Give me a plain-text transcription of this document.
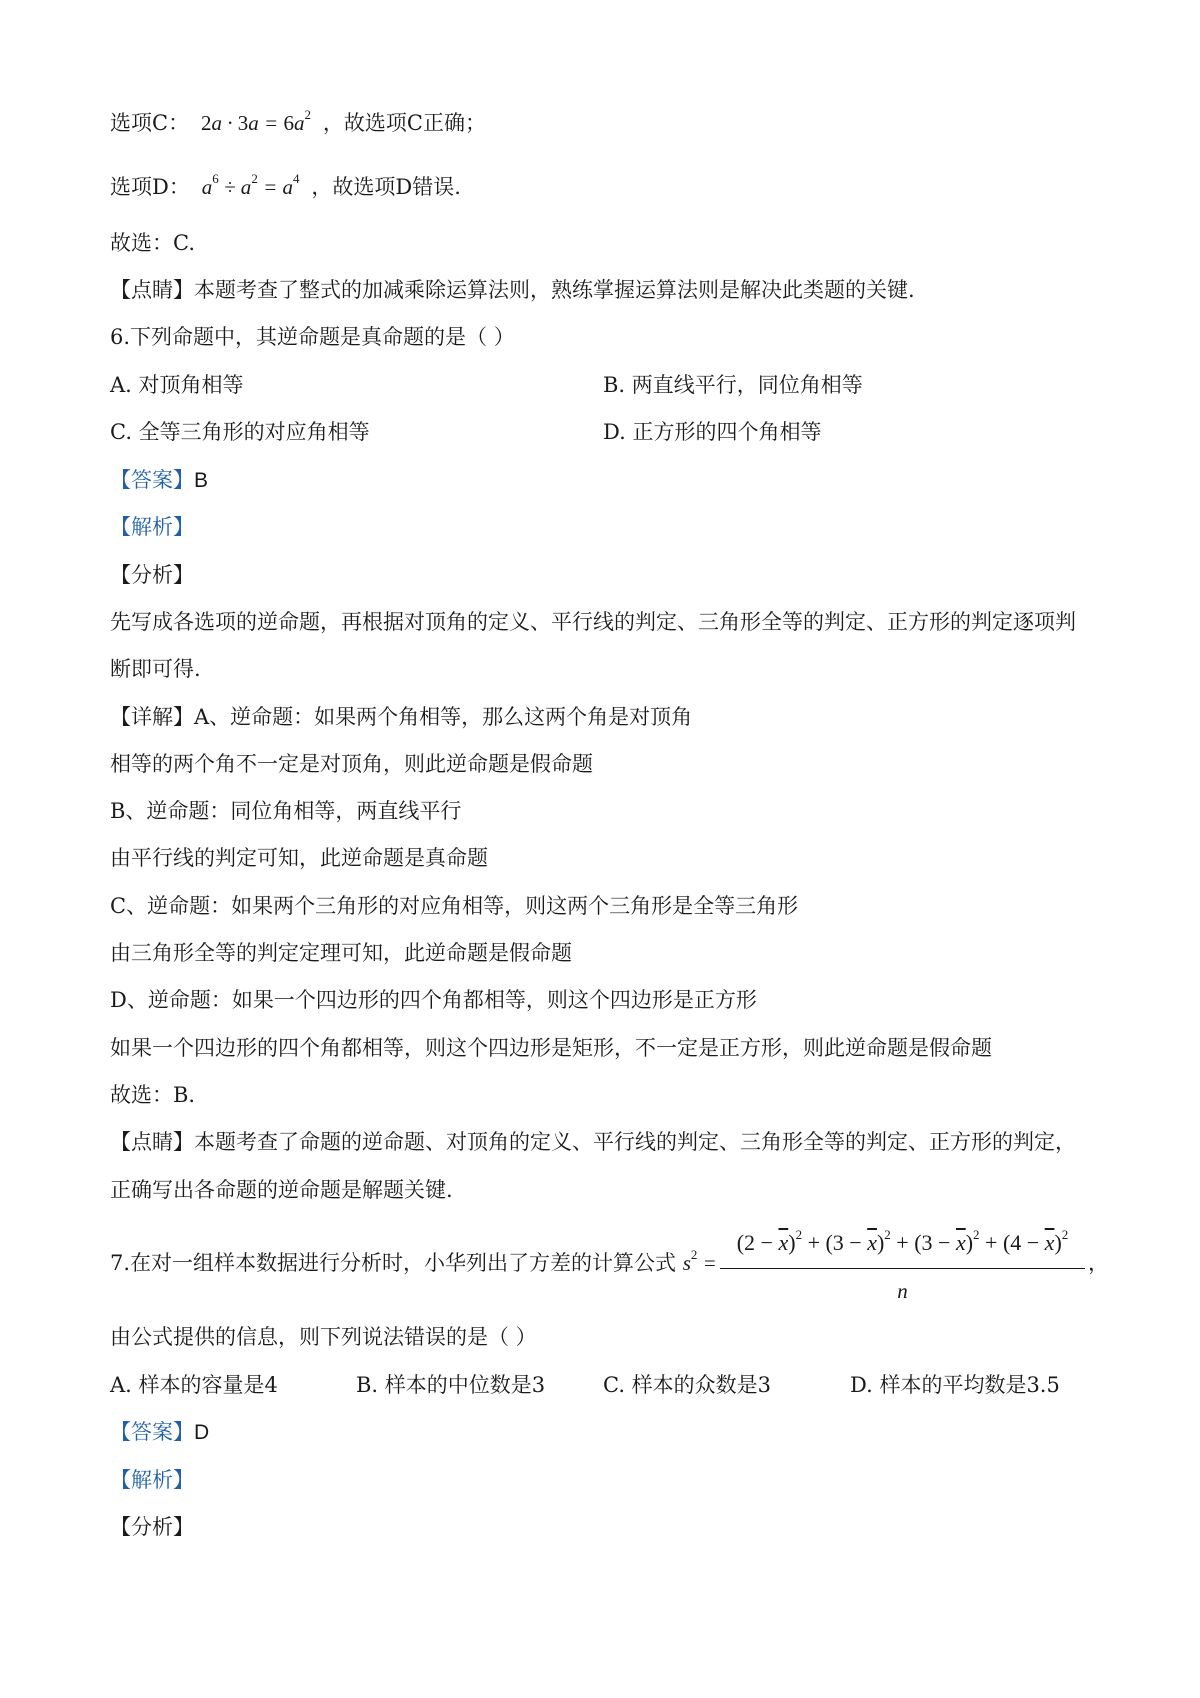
选项C： $2a \cdot 3a = 6a^2$ ，故选项C正确；
选项D：  $a^6 \div a^2 = a^4$ ，故选项D错误.
故选：C.
【点睛】本题考查了整式的加减乘除运算法则，熟练掌握运算法则是解决此类题的关键.
6.下列命题中，其逆命题是真命题的是（ ）
A. 对顶角相等	B. 两直线平行，同位角相等
C. 全等三角形的对应角相等	D. 正方形的四个角相等
【答案】B
【解析】
【分析】
先写成各选项的逆命题，再根据对顶角的定义、平行线的判定、三角形全等的判定、正方形的判定逐项判
断即可得.
【详解】A、逆命题：如果两个角相等，那么这两个角是对顶角
相等的两个角不一定是对顶角，则此逆命题是假命题
B、逆命题：同位角相等，两直线平行
由平行线的判定可知，此逆命题是真命题
C、逆命题：如果两个三角形的对应角相等，则这两个三角形是全等三角形
由三角形全等的判定定理可知，此逆命题是假命题
D、逆命题：如果一个四边形的四个角都相等，则这个四边形是正方形
如果一个四边形的四个角都相等，则这个四边形是矩形，不一定是正方形，则此逆命题是假命题
故选：B.
【点睛】本题考查了命题的逆命题、对顶角的定义、平行线的判定、三角形全等的判定、正方形的判定，
正确写出各命题的逆命题是解题关键.
7.在对一组样本数据进行分析时，小华列出了方差的计算公式 $s^2$ =
$(2 - \overline{x})^2 + (3 - \overline{x})^2 + (3 - \overline{x})^2 + (4 - \overline{x})^2$
n
，
由公式提供的信息，则下列说法错误的是（ ）
A. 样本的容量是4	B. 样本的中位数是3	C. 样本的众数是3	D. 样本的平均数是3.5
【答案】D
【解析】
【分析】
